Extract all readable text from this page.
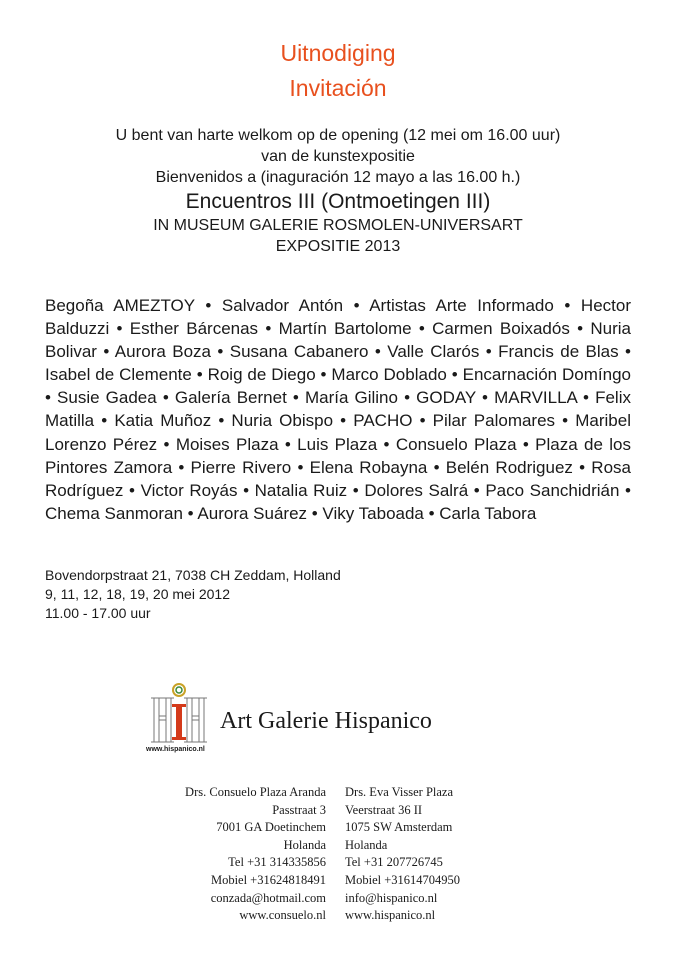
Uitnodiging
Invitación
U bent van harte welkom op de opening (12 mei om 16.00 uur)
van de kunstexpositie
Bienvenidos a (inaguración 12 mayo a las 16.00 h.)
Encuentros III (Ontmoetingen III)
IN MUSEUM GALERIE ROSMOLEN-UNIVERSART
EXPOSITIE 2013
Begoña AMEZTOY • Salvador Antón • Artistas Arte Informado • Hector Balduzzi • Esther Bárcenas • Martín Bartolome • Carmen Boixadós • Nuria Bolivar • Aurora Boza • Susana Cabanero • Valle Clarós • Francis de Blas • Isabel de Clemente • Roig de Diego • Marco Doblado • Encarnación Domíngo • Susie Gadea • Galería Bernet • María Gilino • GODAY • MARVILLA • Felix Matilla • Katia Muñoz • Nuria Obispo • PACHO • Pilar Palomares • Maribel Lorenzo Pérez • Moises Plaza • Luis Plaza • Consuelo Plaza • Plaza de los Pintores Zamora • Pierre Rivero • Elena Robayna • Belén Rodriguez • Rosa Rodríguez • Victor Royás • Natalia Ruiz • Dolores Salrá • Paco Sanchidrián • Chema Sanmoran • Aurora Suárez • Viky Taboada • Carla Tabora
Bovendorpstraat 21, 7038 CH Zeddam, Holland
9, 11, 12, 18, 19, 20 mei 2012
11.00 - 17.00 uur
www.hispanico.nl
Art Galerie Hispanico
Drs. Consuelo Plaza Aranda
Passtraat 3
7001 GA Doetinchem
Holanda
Tel +31 314335856
Mobiel +31624818491
conzada@hotmail.com
www.consuelo.nl
Drs. Eva Visser Plaza
Veerstraat 36 II
1075 SW Amsterdam
Holanda
Tel +31 207726745
Mobiel +31614704950
info@hispanico.nl
www.hispanico.nl
